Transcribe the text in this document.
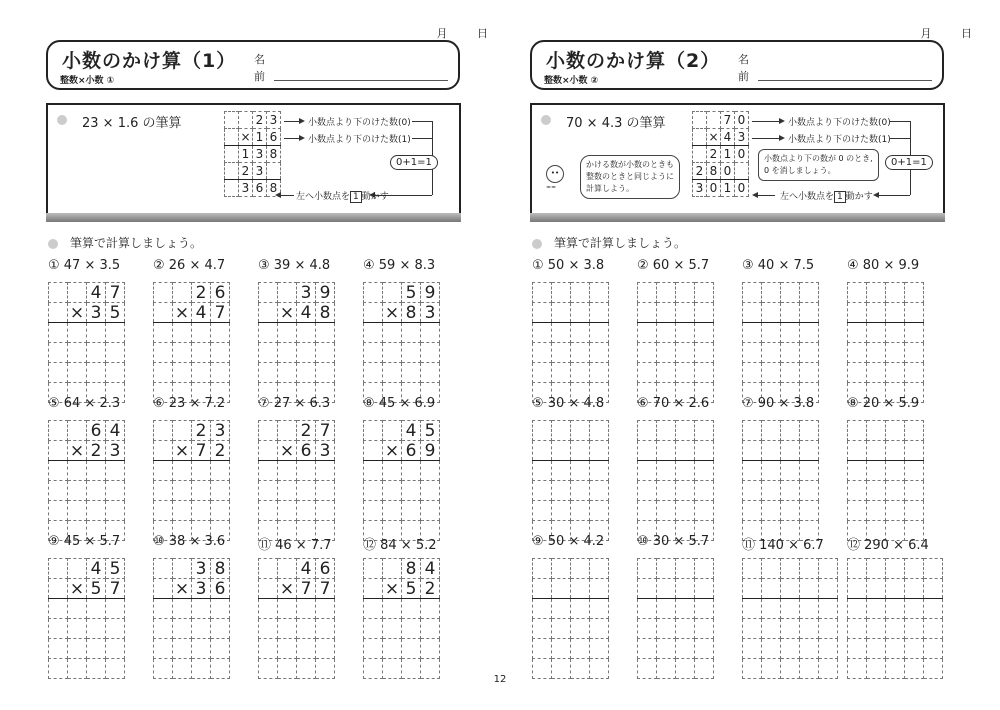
月	日
小数のかけ算（1）
整数×小数 ①
名
前
23 × 1.6 の筆算
			2	3
	×	1	6
	1	3	8
	2	3	
	3	6	8
小数点より下のけた数(0)
小数点より下のけた数(1)
0+1=1
左へ小数点を 1 動かす
筆算で計算しましょう。
① 47 × 3.5
		4	7
	×	3	5

② 26 × 4.7
		2	6
	×	4	7

③ 39 × 4.8
		3	9
	×	4	8

④ 59 × 8.3
		5	9
	×	8	3

⑤ 64 × 2.3
		6	4
	×	2	3

⑥ 23 × 7.2
		2	3
	×	7	2

⑦ 27 × 6.3
		2	7
	×	6	3

⑧ 45 × 6.9
		4	5
	×	6	9

⑨ 45 × 5.7
		4	5
	×	5	7

⑩ 38 × 3.6
		3	8
	×	3	6

⑪ 46 × 7.7
		4	6
	×	7	7

⑫ 84 × 5.2
		8	4
	×	5	2

月	日
小数のかけ算（2）
整数×小数 ②
名
前
70 × 4.3 の筆算
••
≈≈
かける数が小数のときも
整数のときと同じように
計算しよう。
		7	0
	×	4	3
	2	1	0
2	8	0	
3	0	1	0
小数点より下のけた数(0)
小数点より下のけた数(1)
0+1=1
小数点より下の数が 0 のとき,
0 を消しましょう。
左へ小数点を 1 動かす
筆算で計算しましょう。
① 50 × 3.8

				② 60 × 5.7

				③ 40 × 7.5

				④ 80 × 9.9

⑤ 30 × 4.8

				⑥ 70 × 2.6

				⑦ 90 × 3.8

				⑧ 20 × 5.9

⑨ 50 × 4.2

				⑩ 30 × 5.7

				⑪ 140 × 6.7

				⑫ 290 × 6.4

12
